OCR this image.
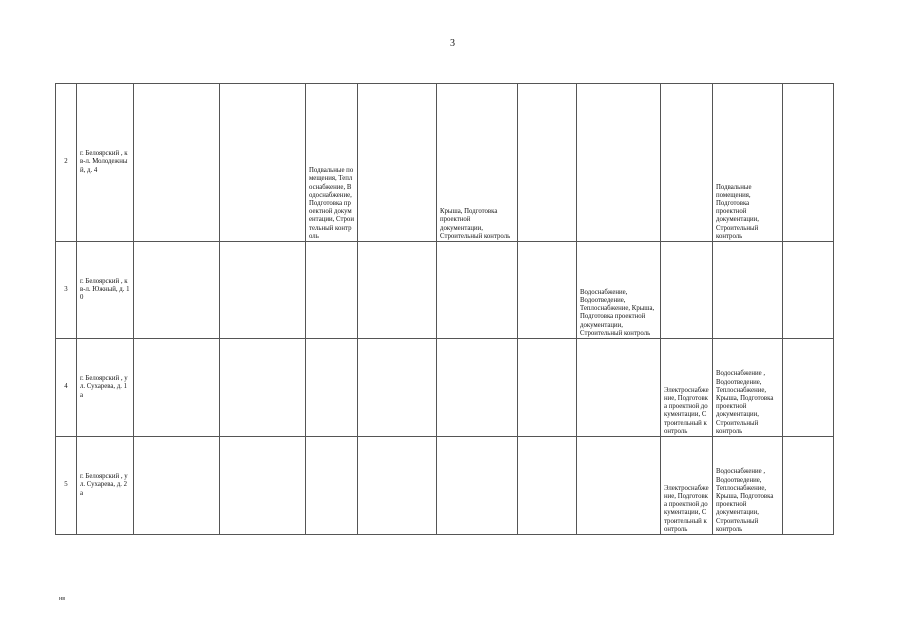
3
2	г. Белоярский , кв-л. Молодежный, д. 4			Подвальные помещения, Теплоснабжение, Водоснабжение, Подготовка проектной документации, Строительный контроль		Крыша, Подготовка проектной документации, Строительный контроль				Подвальные помещения, Подготовка проектной документации, Строительный контроль	
3	г. Белоярский , кв-л. Южный, д. 10							Водоснабжение, Водоотведение, Теплоснабжение, Крыша, Подготовка проектной документации, Строительный контроль			
4	г. Белоярский , ул. Сухарева, д. 1а								Электроснабжение, Подготовка проектной документации, Строительный контроль	Водоснабжение , Водоотведение, Теплоснабжение, Крыша, Подготовка проектной документации, Строительный контроль	
5	г. Белоярский , ул. Сухарева, д. 2а								Электроснабжение, Подготовка проектной документации, Строительный контроль	Водоснабжение , Водоотведение, Теплоснабжение, Крыша, Подготовка проектной документации, Строительный контроль	
нв
